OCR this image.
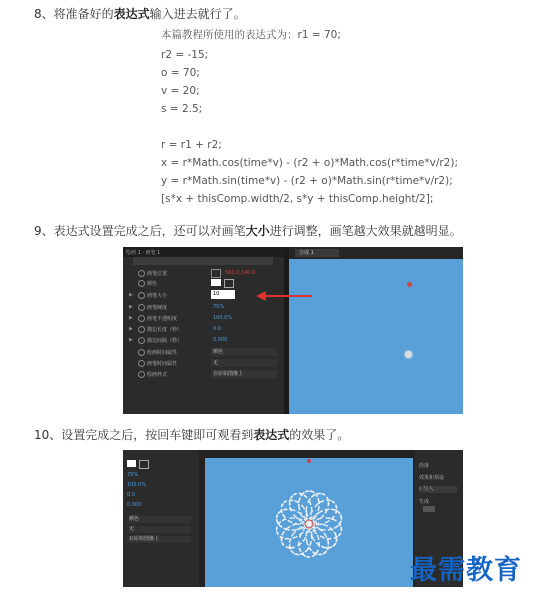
8、将准备好的表达式输入进去就行了。
本篇教程所使用的表达式为：r1 = 70;
r2 = -15;
o = 70;
v = 20;
s = 2.5;
r = r1 + r2;
x = r*Math.cos(time*v) - (r2 + o)*Math.cos(r*time*v/r2);
y = r*Math.sin(time*v) - (r2 + o)*Math.sin(r*time*v/r2);
[s*x + thisComp.width/2, s*y + thisComp.height/2];
9、表达式设置完成之后，还可以对画笔大小进行调整，画笔越大效果就越明显。
绘画 1 · 画笔 1
画笔位置	560.0,340.0
颜色
▶	画笔大小	10
▶	画笔硬度	75%
▶	画笔不透明度	100.0%
▶	描边长度（秒）	0.0
▶	描边间隔（秒）	0.000
绘画时间属性	颜色
画笔时间属性	无
绘画样式	在原始图像上
合成 1
10、设置完成之后，按回车键即可观看到表达式的效果了。
75%
100.0%
0.0
0.000
颜色
无
在原始图像上
段落
效果和预设
⌕ 写入
生成
最需教育
